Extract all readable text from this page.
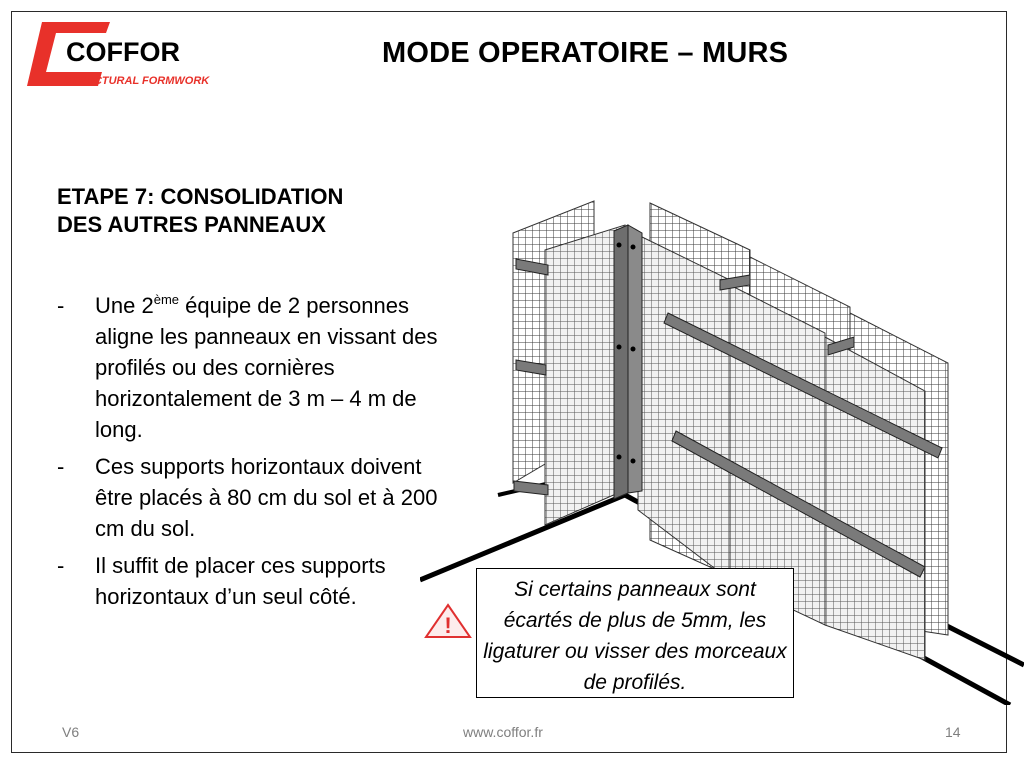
COFFOR
STRUCTURAL FORMWORK
MODE OPERATOIRE – MURS
ETAPE 7: CONSOLIDATION
DES AUTRES PANNEAUX
- Une 2ème équipe de 2 personnes aligne les panneaux en vissant des profilés ou des cornières horizontalement de 3 m – 4 m de long.
- Ces supports horizontaux doivent être placés à 80 cm du sol et à 200 cm du sol.
- Il suffit de placer ces supports horizontaux d’un seul côté.
!
Si certains panneaux sont écartés de plus de 5mm, les ligaturer ou visser des morceaux de profilés.
V6	www.coffor.fr	14
